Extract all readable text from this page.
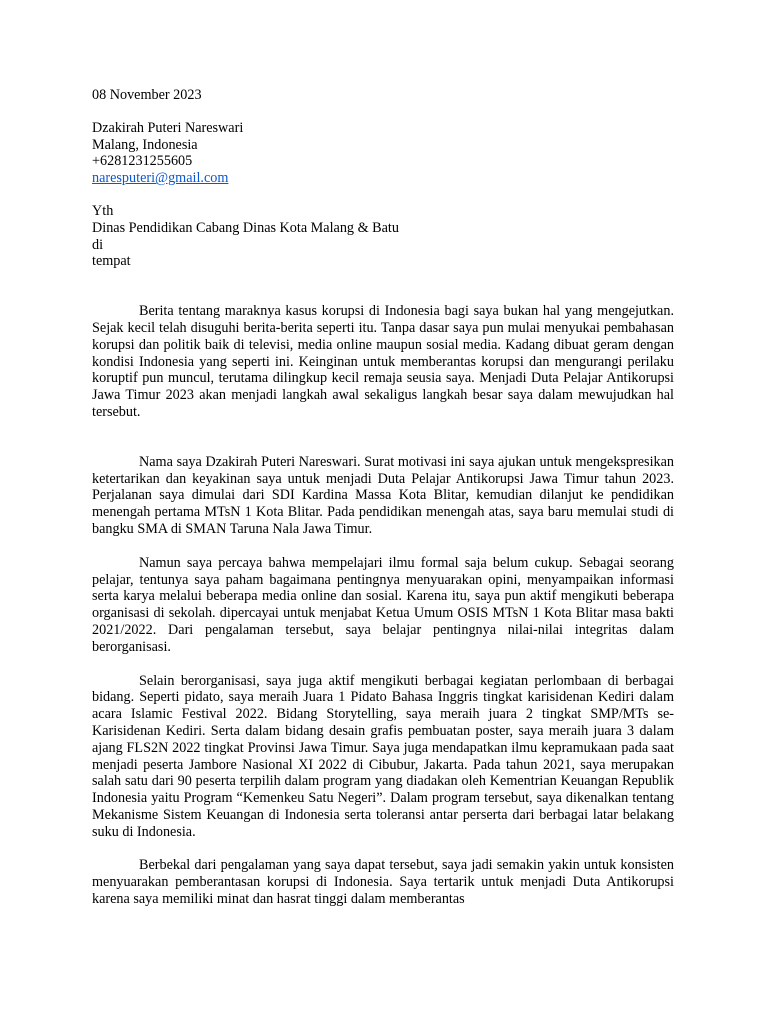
08 November 2023
Dzakirah Puteri Nareswari
Malang, Indonesia
+6281231255605
naresputeri@gmail.com
Yth
Dinas Pendidikan Cabang Dinas Kota Malang & Batu
di
tempat

Berita tentang maraknya kasus korupsi di Indonesia bagi saya bukan hal yang mengejutkan. Sejak kecil telah disuguhi berita-berita seperti itu. Tanpa dasar saya pun mulai menyukai pembahasan korupsi dan politik baik di televisi, media online maupun sosial media. Kadang dibuat geram dengan kondisi Indonesia yang seperti ini. Keinginan untuk memberantas korupsi dan mengurangi perilaku koruptif pun muncul, terutama dilingkup kecil remaja seusia saya. Menjadi Duta Pelajar Antikorupsi Jawa Timur 2023 akan menjadi langkah awal sekaligus langkah besar saya dalam mewujudkan hal tersebut.

Nama saya Dzakirah Puteri Nareswari. Surat motivasi ini saya ajukan untuk mengekspresikan ketertarikan dan keyakinan saya untuk menjadi Duta Pelajar Antikorupsi Jawa Timur tahun 2023. Perjalanan saya dimulai dari SDI Kardina Massa Kota Blitar, kemudian dilanjut ke pendidikan menengah pertama MTsN 1 Kota Blitar. Pada pendidikan menengah atas, saya baru memulai studi di bangku SMA di SMAN Taruna Nala Jawa Timur.

Namun saya percaya bahwa mempelajari ilmu formal saja belum cukup. Sebagai seorang pelajar, tentunya saya paham bagaimana pentingnya menyuarakan opini, menyampaikan informasi serta karya melalui beberapa media online dan sosial. Karena itu, saya pun aktif mengikuti beberapa organisasi di sekolah. dipercayai untuk menjabat Ketua Umum OSIS MTsN 1 Kota Blitar masa bakti 2021/2022. Dari pengalaman tersebut, saya belajar pentingnya nilai-nilai integritas dalam berorganisasi.

Selain berorganisasi, saya juga aktif mengikuti berbagai kegiatan perlombaan di berbagai bidang. Seperti pidato, saya meraih Juara 1 Pidato Bahasa Inggris tingkat karisidenan Kediri dalam acara Islamic Festival 2022. Bidang Storytelling, saya meraih juara 2 tingkat SMP/MTs se-Karisidenan Kediri. Serta dalam bidang desain grafis pembuatan poster, saya meraih juara 3 dalam ajang FLS2N 2022 tingkat Provinsi Jawa Timur. Saya juga mendapatkan ilmu kepramukaan pada saat menjadi peserta Jambore Nasional XI 2022 di Cibubur, Jakarta. Pada tahun 2021, saya merupakan salah satu dari 90 peserta terpilih dalam program yang diadakan oleh Kementrian Keuangan Republik Indonesia yaitu Program “Kemenkeu Satu Negeri”. Dalam program tersebut, saya dikenalkan tentang Mekanisme Sistem Keuangan di Indonesia serta toleransi antar perserta dari berbagai latar belakang suku di Indonesia.

Berbekal dari pengalaman yang saya dapat tersebut, saya jadi semakin yakin untuk konsisten menyuarakan pemberantasan korupsi di Indonesia. Saya tertarik untuk menjadi Duta Antikorupsi karena saya memiliki minat dan hasrat tinggi dalam memberantas
